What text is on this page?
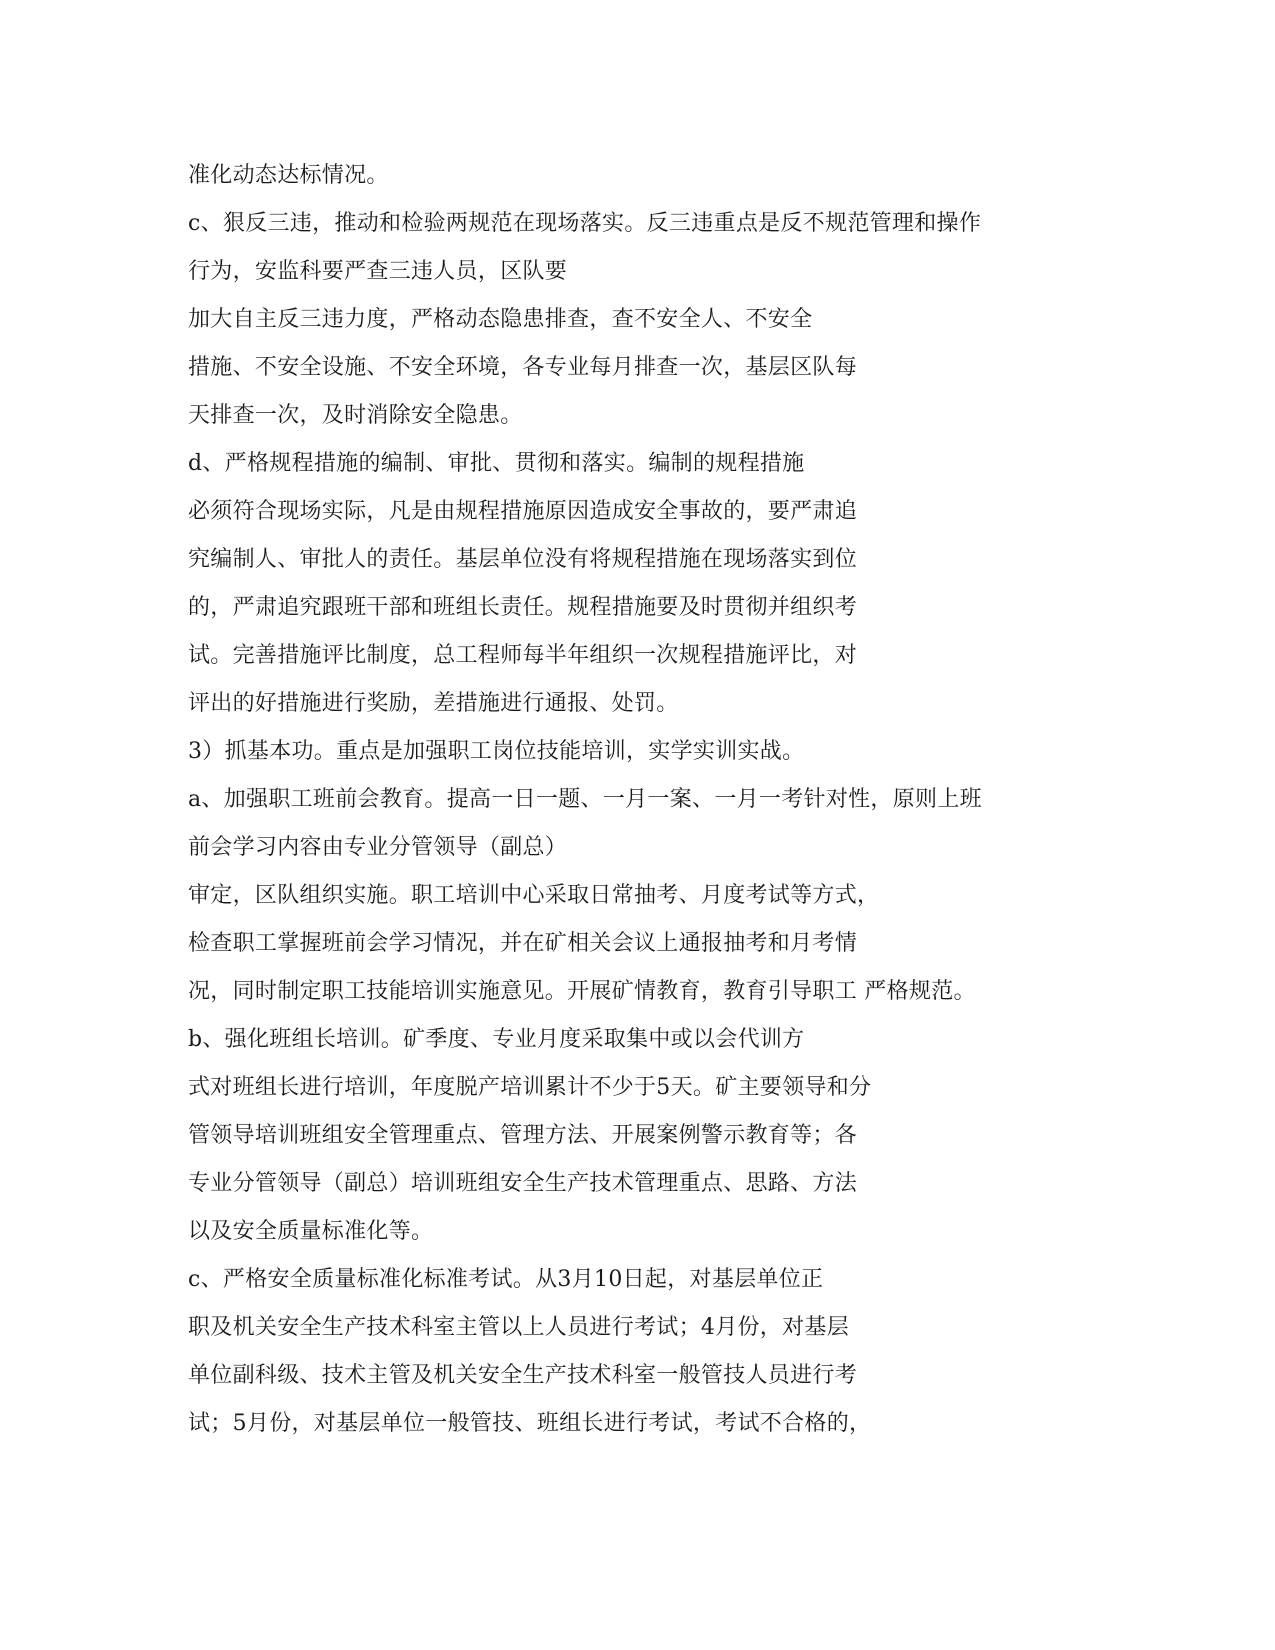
准化动态达标情况。
c、狠反三违，推动和检验两规范在现场落实。反三违重点是反不规范管理和操作
行为，安监科要严查三违人员，区队要
加大自主反三违力度，严格动态隐患排查，查不安全人、不安全
措施、不安全设施、不安全环境，各专业每月排查一次，基层区队每
天排查一次，及时消除安全隐患。
d、严格规程措施的编制、审批、贯彻和落实。编制的规程措施
必须符合现场实际，凡是由规程措施原因造成安全事故的，要严肃追
究编制人、审批人的责任。基层单位没有将规程措施在现场落实到位
的，严肃追究跟班干部和班组长责任。规程措施要及时贯彻并组织考
试。完善措施评比制度，总工程师每半年组织一次规程措施评比，对
评出的好措施进行奖励，差措施进行通报、处罚。
3）抓基本功。重点是加强职工岗位技能培训，实学实训实战。
a、加强职工班前会教育。提高一日一题、一月一案、一月一考针对性，原则上班
前会学习内容由专业分管领导（副总）
审定，区队组织实施。职工培训中心采取日常抽考、月度考试等方式，
检查职工掌握班前会学习情况，并在矿相关会议上通报抽考和月考情
况，同时制定职工技能培训实施意见。开展矿情教育，教育引导职工 严格规范。
b、强化班组长培训。矿季度、专业月度采取集中或以会代训方
式对班组长进行培训，年度脱产培训累计不少于5天。矿主要领导和分
管领导培训班组安全管理重点、管理方法、开展案例警示教育等；各
专业分管领导（副总）培训班组安全生产技术管理重点、思路、方法
以及安全质量标准化等。
c、严格安全质量标准化标准考试。从3月10日起，对基层单位正
职及机关安全生产技术科室主管以上人员进行考试；4月份，对基层
单位副科级、技术主管及机关安全生产技术科室一般管技人员进行考
试；5月份，对基层单位一般管技、班组长进行考试，考试不合格的，
